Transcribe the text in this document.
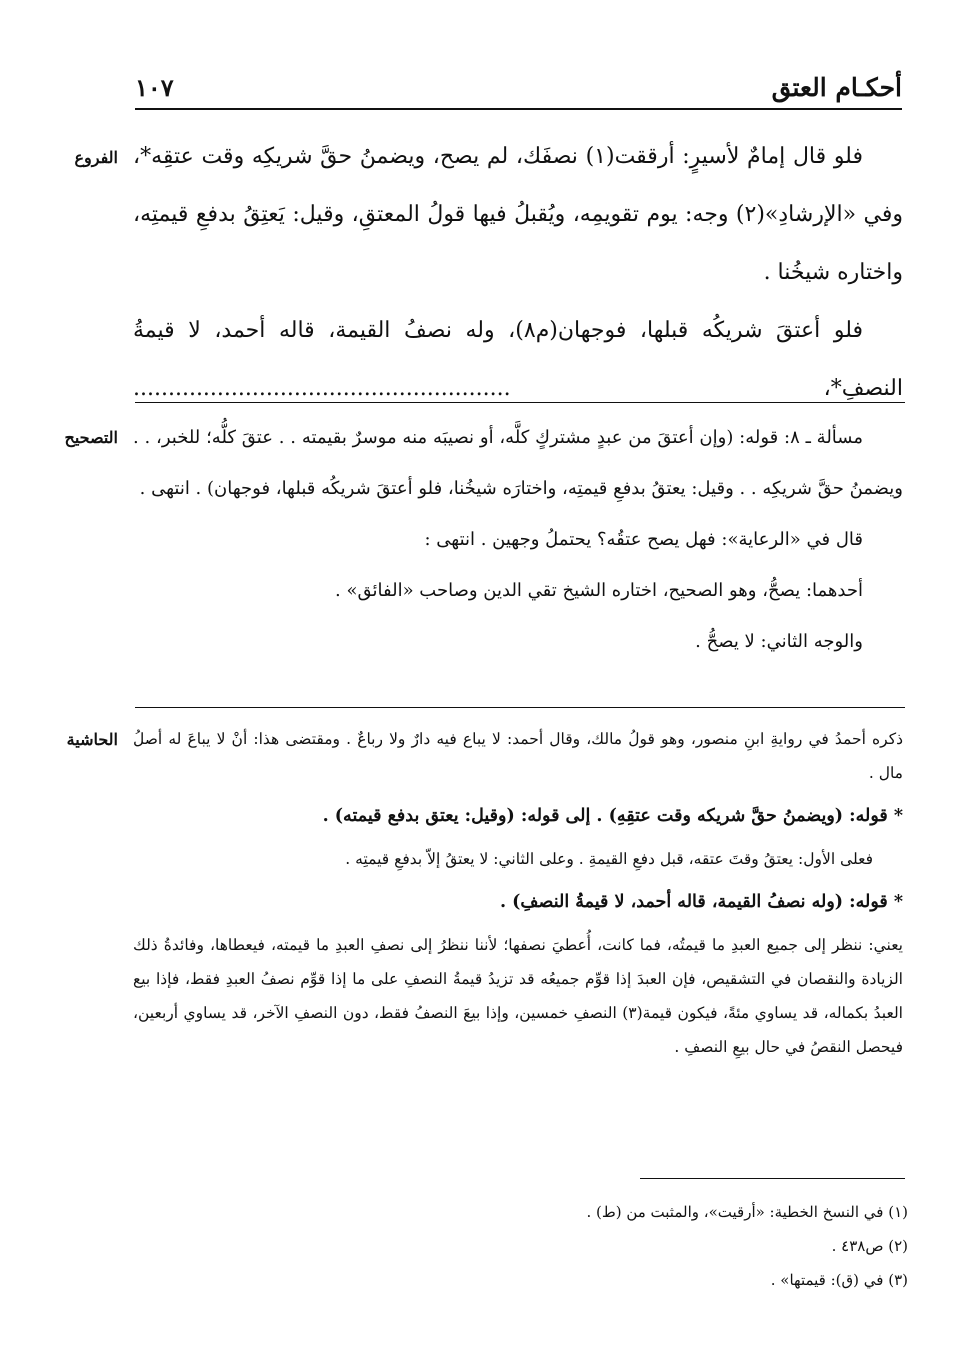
أحكـام العتق
١٠٧
الفروع فلو قال إمامٌ لأسيرٍ: أرققت(١) نصفَك، لم يصح، ويضمنُ حقَّ شريكِه وقت عتقِه*، وفي «الإرشادِ»(٢) وجه: يوم تقويمِه، ويُقبلُ فيها قولُ المعتقِ، وقيل: يَعتِقُ بدفعِ قيمتِه، واختاره شيخُنا .

فلو أعتقَ شريكُه قبلها، فوجهان(م٨)، وله نصفُ القيمة، قاله أحمد، لا قيمةُ النصفِ*، ......................................................

التصحيح مسألة ـ ٨: قوله: (وإن أعتقَ من عبدٍ مشتركٍ كلَّه، أو نصيبَه منه موسرٌ بقيمته . . عتقَ كلُّه؛ للخبر، . . ويضمنُ حقَّ شريكِه . . وقيل: يعتقُ بدفعِ قيمتِه، واختارَه شيخُنا، فلو أعتقَ شريكُه قبلها، فوجهان) . انتهى .

قال في «الرعاية»: فهل يصح عتقُه؟ يحتملُ وجهين . انتهى :

أحدهما: يصحُّ، وهو الصحيح، اختاره الشيخ تقي الدين وصاحب «الفائق» .

والوجه الثاني: لا يصحُّ .

الحاشية ذكره أحمدُ في روايةِ ابنِ منصور، وهو قولُ مالك، وقال أحمد: لا يباع فيه دارٌ ولا رباعٌ . ومقتضى هذا: أنْ لا يباعَ له أصلُ مال .

* قوله: (ويضمنُ حقَّ شريكه وقت عتقِهِ) . إلى قوله: (وقيل: يعتق بدفع قيمته) .

فعلى الأول: يعتقُ وقتَ عتقه، قبل دفعِ القيمةِ . وعلى الثاني: لا يعتقُ إلاّ بدفعِ قيمتِه .

* قوله: (وله نصفُ القيمة، قاله أحمد، لا قيمةُ النصفِ) .

يعني: ننظر إلى جميع العبدِ ما قيمتُه، فما كانت، أُعطيَ نصفها؛ لأننا ننظرُ إلى نصفِ العبدِ ما قيمته، فيعطاها، وفائدةُ ذلك الزيادة والنقصان في التشقيص، فإن العبدَ إذا قوِّم جميعُه قد تزيدُ قيمةُ النصفِ على ما إذا قوِّم نصفُ العبدِ فقط، فإذا بيع العبدُ بكماله، قد يساوي مئةً، فيكون قيمة(٣) النصفِ خمسين، وإذا بيعَ النصفُ فقط، دون النصفِ الآخر، قد يساوي أربعين، فيحصل النقصُ في حال بيعِ النصفِ .

(١) في النسخ الخطية: «أرقيت»، والمثبت من (ط) .
(٢) ص٤٣٨ .
(٣) في (ق): قيمتها» .
